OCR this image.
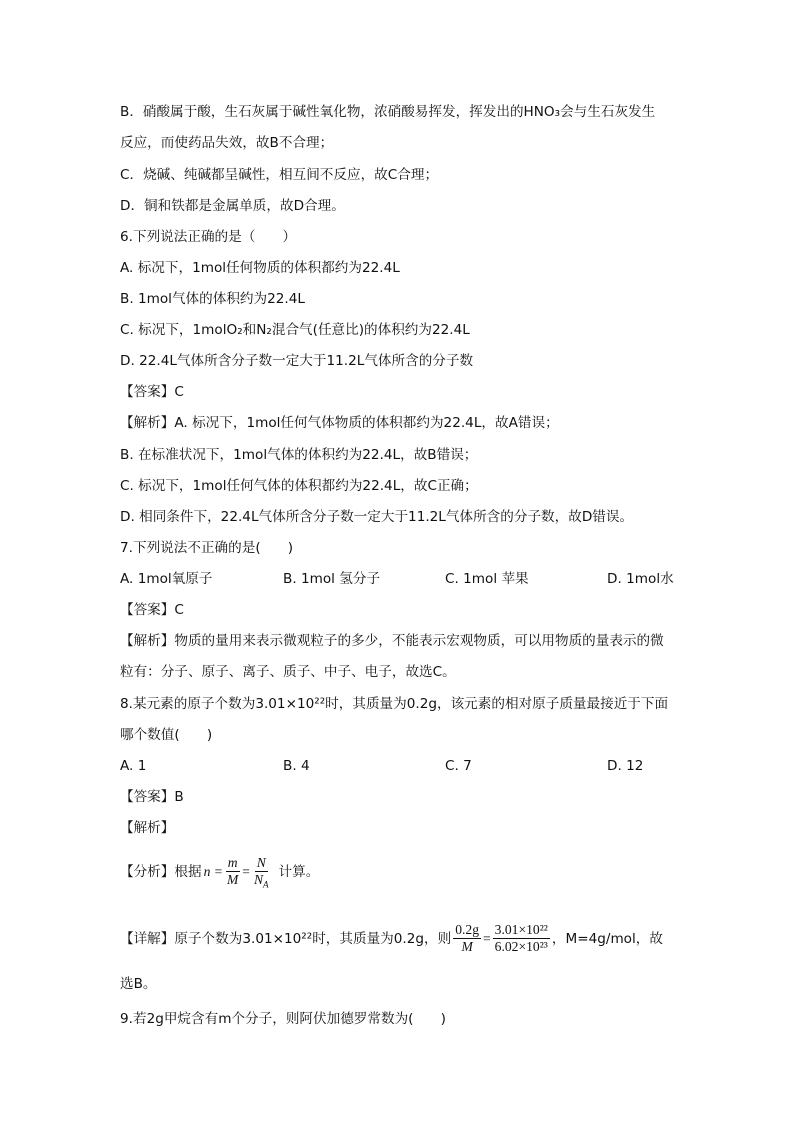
B．硝酸属于酸，生石灰属于碱性氧化物，浓硝酸易挥发，挥发出的HNO₃会与生石灰发生
反应，而使药品失效，故B不合理；
C．烧碱、纯碱都呈碱性，相互间不反应，故C合理；
D．铜和铁都是金属单质，故D合理。
6.下列说法正确的是（　　）
A. 标况下，1mol任何物质的体积都约为22.4L
B. 1mol气体的体积约为22.4L
C. 标况下，1molO₂和N₂混合气(任意比)的体积约为22.4L
D. 22.4L气体所含分子数一定大于11.2L气体所含的分子数
【答案】C
【解析】A. 标况下，1mol任何气体物质的体积都约为22.4L，故A错误；
B. 在标准状况下，1mol气体的体积约为22.4L，故B错误；
C. 标况下，1mol任何气体的体积都约为22.4L，故C正确；
D. 相同条件下，22.4L气体所含分子数一定大于11.2L气体所含的分子数，故D错误。
7.下列说法不正确的是(　　)
A. 1mol氧原子	B. 1mol 氢分子	C. 1mol 苹果	D. 1mol水
【答案】C
【解析】物质的量用来表示微观粒子的多少，不能表示宏观物质，可以用物质的量表示的微
粒有：分子、原子、离子、质子、中子、电子，故选C。
8.某元素的原子个数为3.01×10²²时，其质量为0.2g，该元素的相对原子质量最接近于下面
哪个数值(　　)
A. 1	B. 4	C. 7	D. 12
【答案】B
【解析】
【分析】根据 $n = \frac{m}{M} = \frac{N}{N_A}$ 计算。
【详解】原子个数为3.01×10²²时，其质量为0.2g，则 $\frac{0.2g}{M} = \frac{\text{3.01×10²²}}{\text{6.02×10²³}}$ ，M=4g/mol，故
选B。
9.若2g甲烷含有m个分子，则阿伏加德罗常数为(　　)
